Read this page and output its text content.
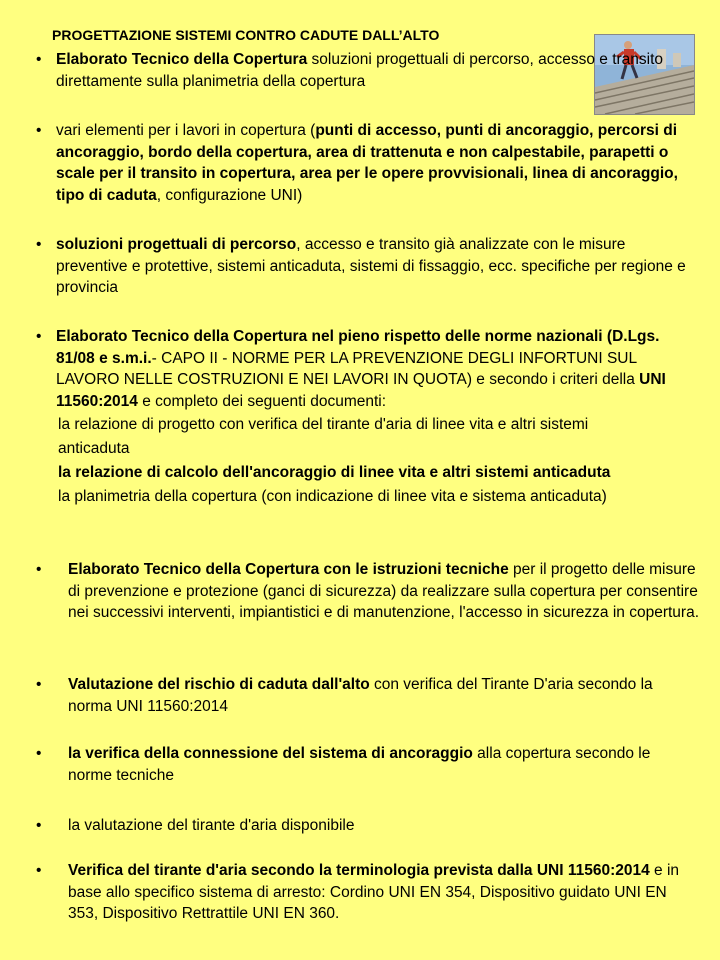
PROGETTAZIONE SISTEMI CONTRO CADUTE DALL’ALTO
• Elaborato Tecnico della Copertura soluzioni progettuali di percorso, accesso e transito direttamente sulla planimetria della copertura
• vari elementi per i lavori in copertura (punti di accesso, punti di ancoraggio, percorsi di ancoraggio, bordo della copertura, area di trattenuta e non calpestabile, parapetti o scale per il transito in copertura, area per le opere provvisionali, linea di ancoraggio, tipo di caduta, configurazione UNI)
• soluzioni progettuali di percorso, accesso e transito già analizzate con le misure preventive e protettive, sistemi anticaduta, sistemi di fissaggio, ecc. specifiche per regione e provincia
• Elaborato Tecnico della Copertura nel pieno rispetto delle norme nazionali (D.Lgs. 81/08 e s.m.i.- CAPO II - NORME PER LA PREVENZIONE DEGLI INFORTUNI SUL LAVORO NELLE COSTRUZIONI E NEI LAVORI IN QUOTA) e secondo i criteri della UNI 11560:2014 e completo dei seguenti documenti:
la relazione di progetto con verifica del tirante d'aria di linee vita e altri sistemi anticaduta
la relazione di calcolo dell'ancoraggio di linee vita e altri sistemi anticaduta
la planimetria della copertura (con indicazione di linee vita e sistema anticaduta)
• Elaborato Tecnico della Copertura con le istruzioni tecniche per il progetto delle misure di prevenzione e protezione (ganci di sicurezza) da realizzare sulla copertura per consentire nei successivi interventi, impiantistici e di manutenzione, l'accesso in sicurezza in copertura.
• Valutazione del rischio di caduta dall'alto con verifica del Tirante D'aria secondo la norma UNI 11560:2014
• la verifica della connessione del sistema di ancoraggio alla copertura secondo le norme tecniche
• la valutazione del tirante d'aria disponibile
• Verifica del tirante d'aria secondo la terminologia prevista dalla UNI 11560:2014 e in base allo specifico sistema di arresto: Cordino UNI EN 354, Dispositivo guidato UNI EN 353, Dispositivo Rettrattile UNI EN 360.
